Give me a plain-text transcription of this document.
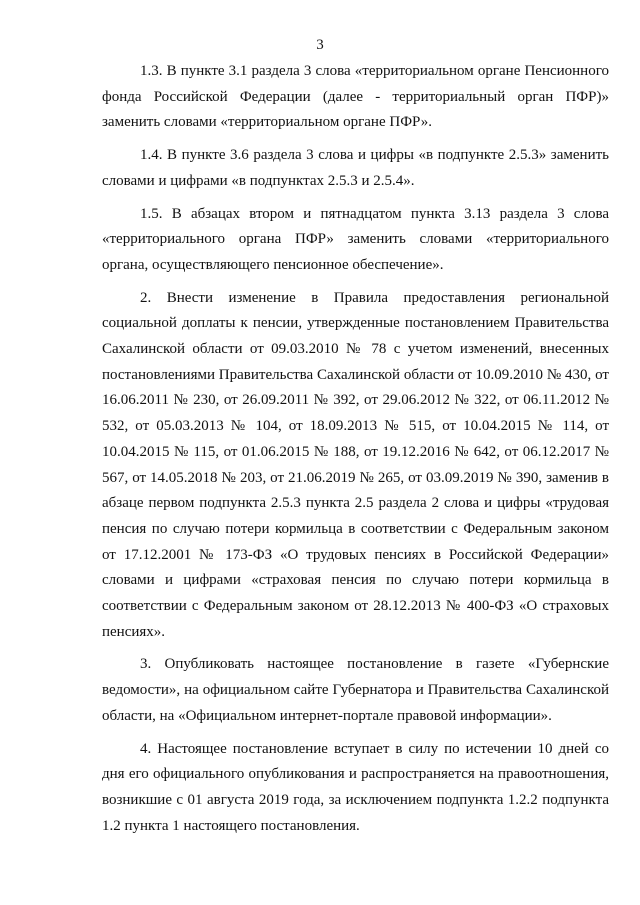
3

1.3. В пункте 3.1 раздела 3 слова «территориальном органе Пенсионного фонда Российской Федерации (далее - территориальный орган ПФР)» заменить словами «территориальном органе ПФР».

1.4. В пункте 3.6 раздела 3 слова и цифры «в подпункте 2.5.3» заменить словами и цифрами «в подпунктах 2.5.3 и 2.5.4».

1.5. В абзацах втором и пятнадцатом пункта 3.13 раздела 3 слова «территориального органа ПФР» заменить словами «территориального органа, осуществляющего пенсионное обеспечение».

2. Внести изменение в Правила предоставления региональной социальной доплаты к пенсии, утвержденные постановлением Правительства Сахалинской области от 09.03.2010 № 78 с учетом изменений, внесенных постановлениями Правительства Сахалинской области от 10.09.2010 № 430, от 16.06.2011 № 230, от 26.09.2011 № 392, от 29.06.2012 № 322, от 06.11.2012 № 532, от 05.03.2013 № 104, от 18.09.2013 № 515, от 10.04.2015 № 114, от 10.04.2015 № 115, от 01.06.2015 № 188, от 19.12.2016 № 642, от 06.12.2017 № 567, от 14.05.2018 № 203, от 21.06.2019 № 265, от 03.09.2019 № 390, заменив в абзаце первом подпункта 2.5.3 пункта 2.5 раздела 2 слова и цифры «трудовая пенсия по случаю потери кормильца в соответствии с Федеральным законом от 17.12.2001 № 173-ФЗ «О трудовых пенсиях в Российской Федерации» словами и цифрами «страховая пенсия по случаю потери кормильца в соответствии с Федеральным законом от 28.12.2013 № 400-ФЗ «О страховых пенсиях».

3. Опубликовать настоящее постановление в газете «Губернские ведомости», на официальном сайте Губернатора и Правительства Сахалинской области, на «Официальном интернет-портале правовой информации».

4. Настоящее постановление вступает в силу по истечении 10 дней со дня его официального опубликования и распространяется на правоотношения, возникшие с 01 августа 2019 года, за исключением подпункта 1.2.2 подпункта 1.2 пункта 1 настоящего постановления.
